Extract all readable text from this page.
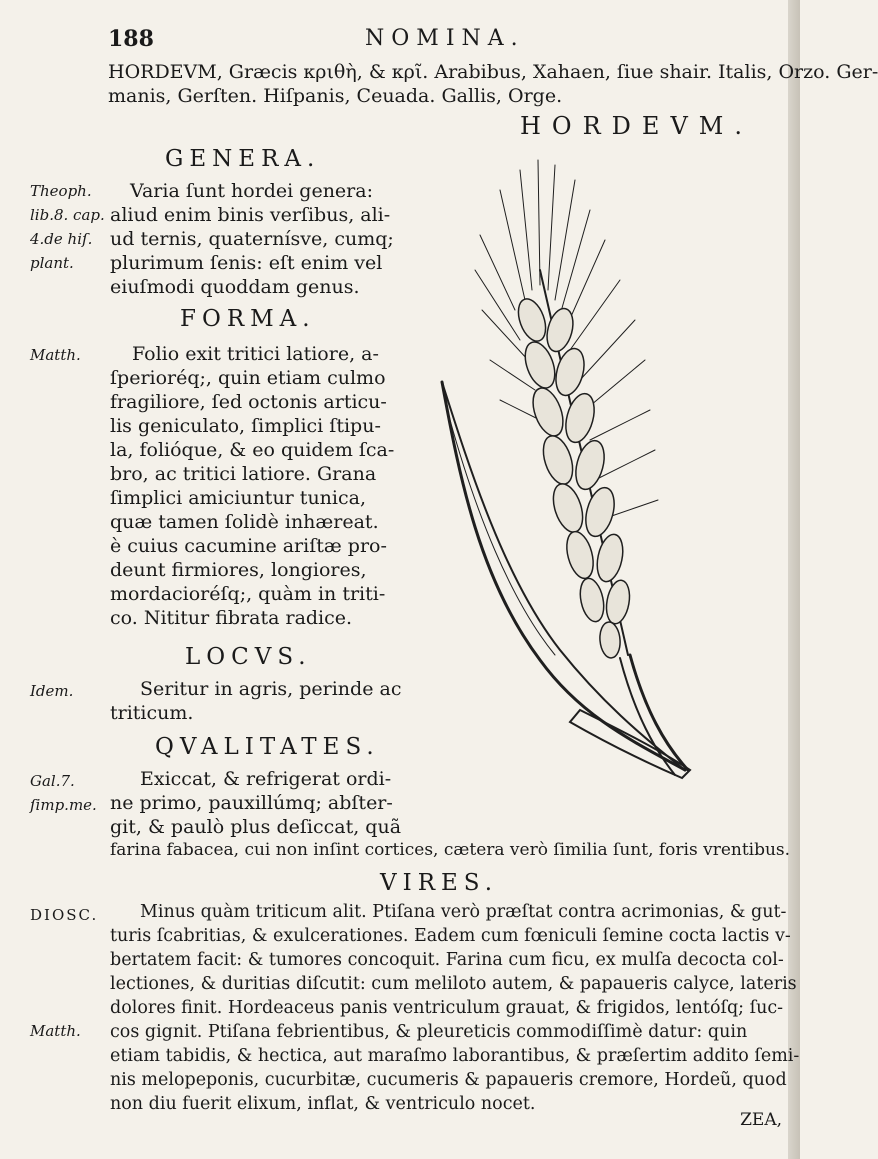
188	NOMINA.
HORDEVM, Græcis κριθὴ, & κρῖ. Arabibus, Xahaen, ſiue shair. Italis, Orzo. Ger-
manis, Gerſten. Hiſpanis, Ceuada. Gallis, Orge.
HORDEVM.
GENERA.
Theoph.
lib.8. cap.
4.de hiſ.
plant.
Varia ſunt hordei genera:
aliud enim binis verſibus, ali-
ud ternis, quaternísve, cumq;
plurimum ſenis: eſt enim vel
eiuſmodi quoddam genus.
FORMA.
Matth.	Folio exit tritici latiore, a-
ſperioréq;, quin etiam culmo
fragiliore, ſed octonis articu-
lis geniculato, ſimplici ſtipu-
la, folióque, & eo quidem ſca-
bro, ac tritici latiore. Grana
ſimplici amiciuntur tunica,
quæ tamen ſolidè inhæreat.
è cuius cacumine ariſtæ pro-
deunt firmiores, longiores,
mordacioréſq;, quàm in triti-
co. Nititur fibrata radice.
LOCVS.
Idem.	Seritur in agris, perinde ac
triticum.
QVALITATES.
Gal.7.
ſimp.me.
Exiccat, & refrigerat ordi-
ne primo, pauxillúmq; abſter-
git, & paulò plus deſiccat, quã
farina fabacea, cui non inſint cortices, cætera verò ſimilia ſunt, foris vrentibus.
VIRES.
DIOSC.
Matth.
Minus quàm triticum alit. Ptiſana verò præſtat contra acrimonias, & gut-
turis ſcabritias, & exulcerationes. Eadem cum fœniculi ſemine cocta lactis v-
bertatem facit: & tumores concoquit. Farina cum ficu, ex mulſa decocta col-
lectiones, & duritias diſcutit: cum meliloto autem, & papaueris calyce, lateris
dolores finit. Hordeaceus panis ventriculum grauat, & frigidos, lentóſq; ſuc-
cos gignit. Ptiſana febrientibus, & pleureticis commodiſſimè datur: quin
etiam tabidis, & hectica, aut maraſmo laborantibus, & præſertim addito ſemi-
nis melopeponis, cucurbitæ, cucumeris & papaueris cremore, Hordeũ, quod
non diu fuerit elixum, inflat, & ventriculo nocet.
ZEA,
